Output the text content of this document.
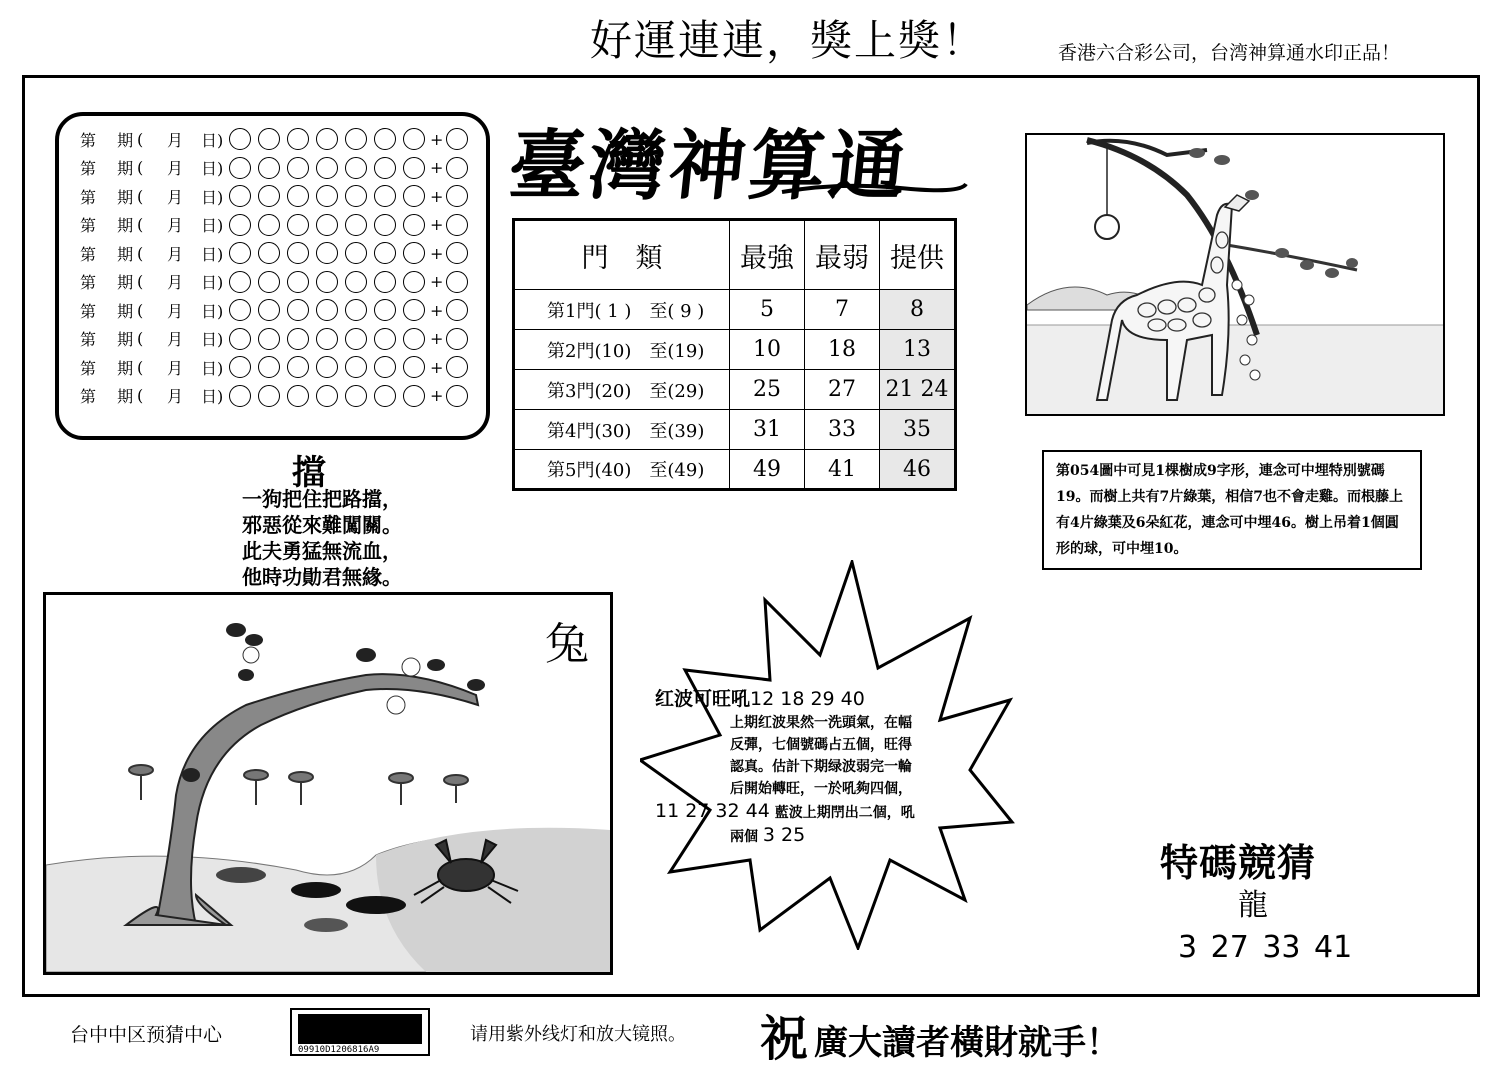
好運連連，獎上獎！	香港六合彩公司，台湾神算通水印正品！
第　 期 (	月	日)	+
第　 期 (	月	日)	+
第　 期 (	月	日)	+
第　 期 (	月	日)	+
第　 期 (	月	日)	+
第　 期 (	月	日)	+
第　 期 (	月	日)	+
第　 期 (	月	日)	+
第　 期 (	月	日)	+
第　 期 (	月	日)	+
臺灣神算通
門　類	最強	最弱	提供
第1門( 1 )　至( 9 )	5	7	8
第2門(10)　至(19)	10	18	13
第3門(20)　至(29)	25	27	21 24
第4門(30)　至(39)	31	33	35
第5門(40)　至(49)	49	41	46
擋
一狗把住把路擋，
邪惡從來難闖關。
此夫勇猛無流血，
他時功勛君無緣。
第054圖中可見1棵樹成9字形，連念可中埋特別號碼19。而樹上共有7片綠葉，相信7也不會走雞。而根藤上有4片綠葉及6朵紅花，連念可中埋46。樹上吊着1個圓形的球，可中埋10。
兔
红波可旺吼12 18 29 40
上期红波果然一洗頭氣，在幅
反彈，七個號碼占五個，旺得
認真。估計下期绿波弱完一輪
后開始轉旺，一於吼夠四個，
11 27 32 44 藍波上期閅出二個，吼
兩個 3 25
特碼競猜
龍
3 27 33 41
台中中区预猜中心
09910D1206816A9
请用紫外线灯和放大镜照。 祝 廣大讀者橫財就手！
